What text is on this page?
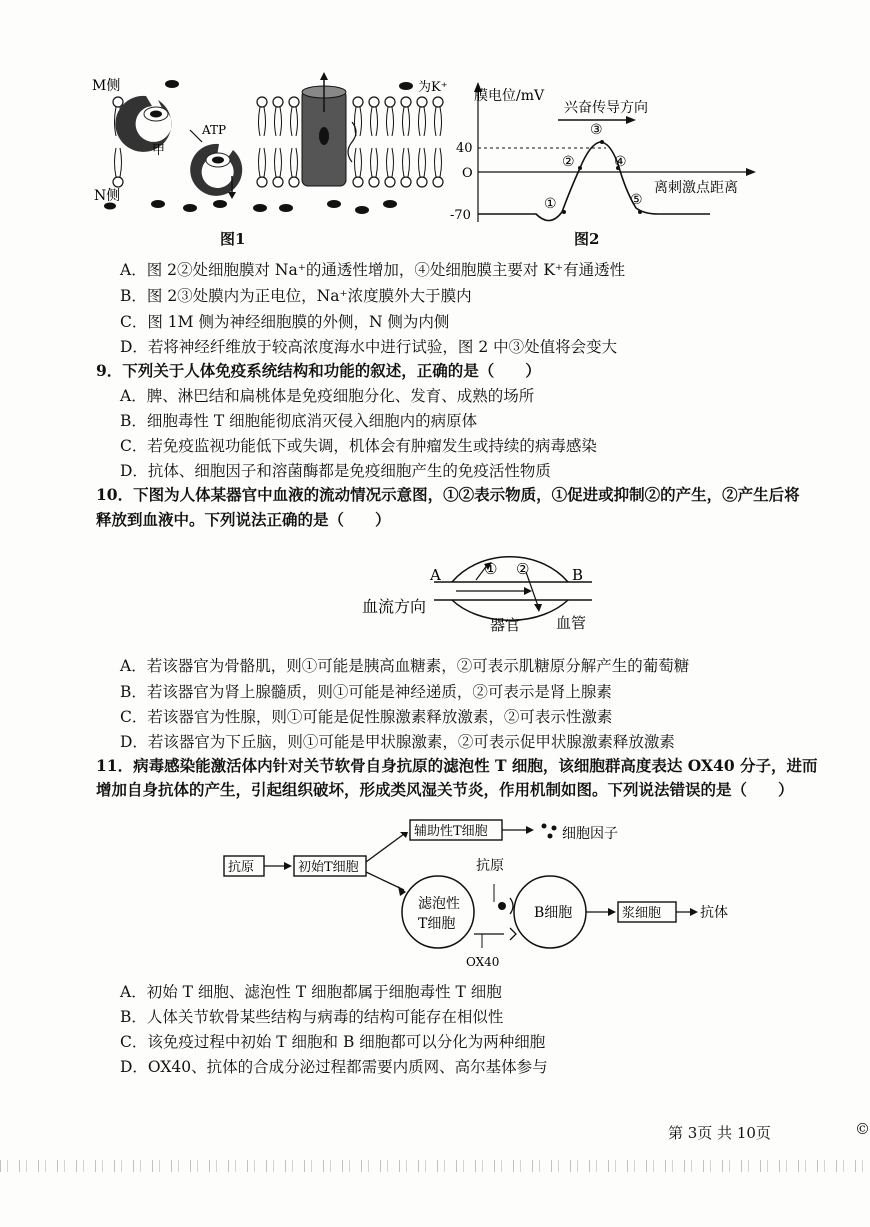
M侧
N侧
ATP
甲
为K⁺
图1
膜电位/mV
兴奋传导方向
离刺激点距离
40
O
-70
①
②
③
④
⑤
图2
A．图 2②处细胞膜对 Na⁺的通透性增加，④处细胞膜主要对 K⁺有通透性
B．图 2③处膜内为正电位，Na⁺浓度膜外大于膜内
C．图 1M 侧为神经细胞膜的外侧，N 侧为内侧
D．若将神经纤维放于较高浓度海水中进行试验，图 2 中③处值将会变大
9．下列关于人体免疫系统结构和功能的叙述，正确的是（　　）
A．脾、淋巴结和扁桃体是免疫细胞分化、发育、成熟的场所
B．细胞毒性 T 细胞能彻底消灭侵入细胞内的病原体
C．若免疫监视功能低下或失调，机体会有肿瘤发生或持续的病毒感染
D．抗体、细胞因子和溶菌酶都是免疫细胞产生的免疫活性物质
10．下图为人体某器官中血液的流动情况示意图，①②表示物质，①促进或抑制②的产生，②产生后将
释放到血液中。下列说法正确的是（　　）
A	B
① ②
血流方向
器官 血管
A．若该器官为骨骼肌，则①可能是胰高血糖素，②可表示肌糖原分解产生的葡萄糖
B．若该器官为肾上腺髓质，则①可能是神经递质，②可表示是肾上腺素
C．若该器官为性腺，则①可能是促性腺激素释放激素，②可表示性激素
D．若该器官为下丘脑，则①可能是甲状腺激素，②可表示促甲状腺激素释放激素
11．病毒感染能激活体内针对关节软骨自身抗原的滤泡性 T 细胞，该细胞群高度表达 OX40 分子，进而
增加自身抗体的产生，引起组织破坏，形成类风湿关节炎，作用机制如图。下列说法错误的是（　　）
抗原	初始T细胞
辅助性T细胞	细胞因子
抗原
滤泡性
T细胞
B细胞	浆细胞	抗体
OX40
A．初始 T 细胞、滤泡性 T 细胞都属于细胞毒性 T 细胞
B．人体关节软骨某些结构与病毒的结构可能存在相似性
C．该免疫过程中初始 T 细胞和 B 细胞都可以分化为两种细胞
D．OX40、抗体的合成分泌过程都需要内质网、高尔基体参与
第 3页 共 10页	©
